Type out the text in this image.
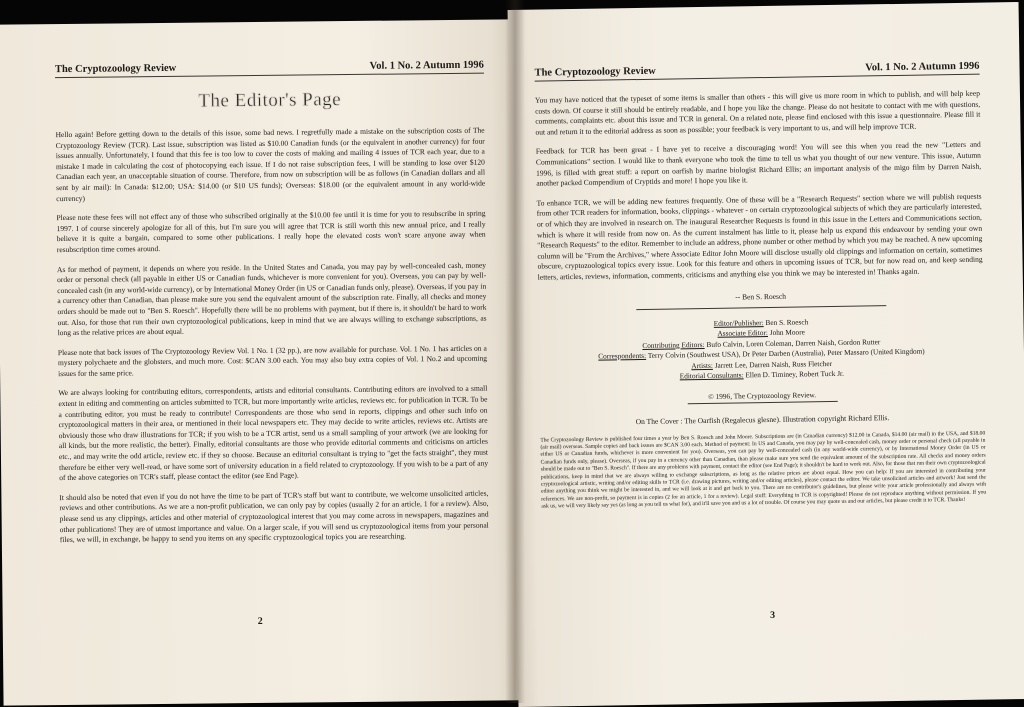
The Cryptozoology Review	Vol. 1 No. 2 Autumn 1996
The Editor's Page

Hello again! Before getting down to the details of this issue, some bad news. I regretfully made a mistake on the subscription costs of The Cryptozoology Review (TCR). Last issue, subscription was listed as $10.00 Canadian funds (or the equivalent in another currency) for four issues annually. Unfortunately, I found that this fee is too low to cover the costs of making and mailing 4 issues of TCR each year, due to a mistake I made in calculating the cost of photocopying each issue. If I do not raise subscription fees, I will be standing to lose over $120 Canadian each year, an unacceptable situation of course. Therefore, from now on subscription will be as follows (in Canadian dollars and all sent by air mail): In Canada: $12.00; USA: $14.00 (or $10 US funds); Overseas: $18.00 (or the equivalent amount in any world-wide currency)

Please note these fees will not effect any of those who subscribed originally at the $10.00 fee until it is time for you to resubscribe in spring 1997. I of course sincerely apologize for all of this, but I'm sure you will agree that TCR is still worth this new annual price, and I really believe it is quite a bargain, compared to some other publications. I really hope the elevated costs won't scare anyone away when resubscription time comes around.

As for method of payment, it depends on where you reside. In the United States and Canada, you may pay by well-concealed cash, money order or personal check (all payable in either US or Canadian funds, whichever is more convenient for you). Overseas, you can pay by well-concealed cash (in any world-wide currency), or by International Money Order (in US or Canadian funds only, please). Overseas, if you pay in a currency other than Canadian, than please make sure you send the equivalent amount of the subscription rate. Finally, all checks and money orders should be made out to "Ben S. Roesch". Hopefully there will be no problems with payment, but if there is, it shouldn't be hard to work out. Also, for those that run their own cryptozoological publications, keep in mind that we are always willing to exchange subscriptions, as long as the relative prices are about equal.

Please note that back issues of The Cryptozoology Review Vol. 1 No. 1 (32 pp.), are now available for purchase. Vol. 1 No. 1 has articles on a mystery polychaete and the globsters, and much more. Cost: $CAN 3.00 each. You may also buy extra copies of Vol. 1 No.2 and upcoming issues for the same price.

We are always looking for contributing editors, correspondents, artists and editorial consultants. Contributing editors are involved to a small extent in editing and commenting on articles submitted to TCR, but more importantly write articles, reviews etc. for publication in TCR. To be a contributing editor, you must be ready to contribute! Correspondents are those who send in reports, clippings and other such info on cryptozoological matters in their area, or mentioned in their local newspapers etc. They may decide to write articles, reviews etc. Artists are obviously those who draw illustrations for TCR; if you wish to be a TCR artist, send us a small sampling of your artwork (we are looking for all kinds, but the more realistic, the better). Finally, editorial consultants are those who provide editorial comments and criticisms on articles etc., and may write the odd article, review etc. if they so choose. Because an editorial consultant is trying to "get the facts straight", they must therefore be either very well-read, or have some sort of university education in a field related to cryptozoology. If you wish to be a part of any of the above categories on TCR's staff, please contact the editor (see End Page).

It should also be noted that even if you do not have the time to be part of TCR's staff but want to contribute, we welcome unsolicited articles, reviews and other contributions. As we are a non-profit publication, we can only pay by copies (usually 2 for an article, 1 for a review). Also, please send us any clippings, articles and other material of cryptozoological interest that you may come across in newspapers, magazines and other publications! They are of utmost importance and value. On a larger scale, if you will send us cryptozoological items from your personal files, we will, in exchange, be happy to send you items on any specific cryptozoological topics you are researching.

2
The Cryptozoology Review	Vol. 1 No. 2 Autumn 1996

You may have noticed that the typeset of some items is smaller than others - this will give us more room in which to publish, and will help keep costs down. Of course it still should be entirely readable, and I hope you like the change. Please do not hesitate to contact with me with questions, comments, complaints etc. about this issue and TCR in general. On a related note, please find enclosed with this issue a questionnaire. Please fill it out and return it to the editorial address as soon as possible; your feedback is very important to us, and will help improve TCR.

Feedback for TCR has been great - I have yet to receive a discouraging word! You will see this when you read the new "Letters and Communications" section. I would like to thank everyone who took the time to tell us what you thought of our new venture. This issue, Autumn 1996, is filled with great stuff: a report on oarfish by marine biologist Richard Ellis; an important analysis of the migo film by Darren Naish, another packed Compendium of Cryptids and more! I hope you like it.

To enhance TCR, we will be adding new features frequently. One of these will be a "Research Requests" section where we will publish requests from other TCR readers for information, books, clippings - whatever - on certain cryptozoological subjects of which they are particularly interested, or of which they are involved in research on. The inaugural Researcher Requests is found in this issue in the Letters and Communications section, which is where it will reside from now on. As the current instalment has little to it, please help us expand this endeavour by sending your own "Research Requests" to the editor. Remember to include an address, phone number or other method by which you may be reached. A new upcoming column will be "From the Archives," where Associate Editor John Moore will disclose usually old clippings and information on certain, sometimes obscure, cryptozoological topics every issue. Look for this feature and others in upcoming issues of TCR, but for now read on, and keep sending letters, articles, reviews, information, comments, criticisms and anything else you think we may be interested in! Thanks again.

-- Ben S. Roesch
Editor/Publisher: Ben S. Roesch
Associate Editor: John Moore
Contributing Editors: Bufo Calvin, Loren Coleman, Darren Naish, Gordon Rutter
Correspondents: Terry Colvin (Southwest USA), Dr Peter Darben (Australia), Peter Massaro (United Kingdom)
Artists: Jarrett Lee, Darren Naish, Russ Fletcher
Editorial Consultants: Ellen D. Timiney, Robert Tuck Jr.
© 1996, The Cryptozoology Review.
On The Cover : The Oarfish (Regalecus glesne). Illustration copyright Richard Ellis.

The Cryptozoology Review is published four times a year by Ben S. Roesch and John Moore. Subscriptions are (in Canadian currency) $12.00 in Canada, $14.00 (air mail) in the USA, and $18.00 (air mail) overseas. Sample copies and back issues are $CAN 3.00 each. Method of payment: In US and Canada, you may pay by well-concealed cash, money order or personal check (all payable in either US or Canadian funds, whichever is more convenient for you). Overseas, you can pay by well-concealed cash (in any world-wide currency), or by International Money Order (in US or Canadian funds only, please). Overseas, if you pay in a currency other than Canadian, than please make sure you send the equivalent amount of the subscription rate. All checks and money orders should be made out to "Ben S. Roesch". If there are any problems with payment, contact the editor (see End Page); it shouldn't be hard to work out. Also, for those that run their own cryptozoological publications, keep in mind that we are always willing to exchange subscriptions, as long as the relative prices are about equal. How you can help: If you are interested in contributing your cryptozoological artistic, writing and/or editing skills to TCR (i.e. drawing pictures, writing and/or editing articles), please contact the editor. We take unsolicited articles and artwork! Just send the editor anything you think we might be interested in, and we will look at it and get back to you. There are no contributor's guidelines, but please write your article professionally and always with references. We are non-profit, so payment is in copies (2 for an article, 1 for a review). Legal stuff: Everything in TCR is copyrighted! Please do not reproduce anything without permission. If you ask us, we will very likely say yes (as long as you tell us what for), and it'll save you and us a lot of trouble. Of course you may quote us and our articles, but please credit it to TCR. Thanks!

3
